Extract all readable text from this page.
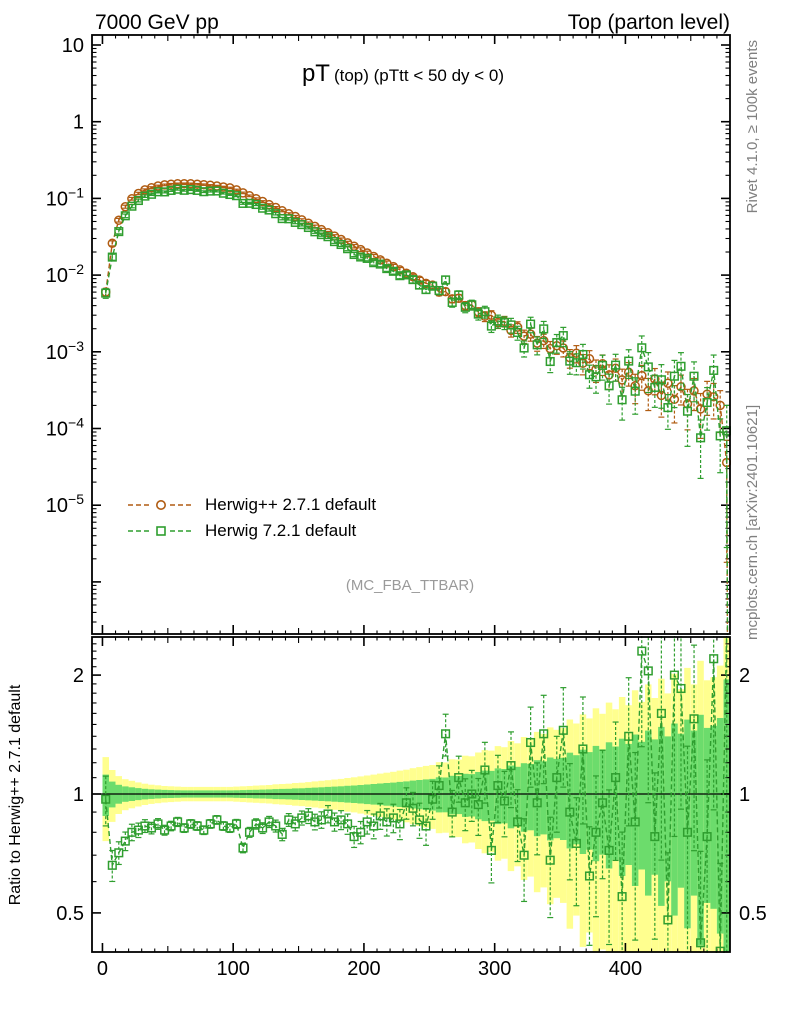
0	100	200	300	400
10
1
$10^{-1}$
$10^{-2}$
$10^{-3}$
$10^{-4}$
$10^{-5}$
0.5	0.5
1	1
2	2
Rivet 4.1.0, ≥ 100k events
mcplots.cern.ch [arXiv:2401.10621]
Ratio to Herwig++ 2.7.1 default
7000 GeV pp	Top (parton level)
pT (top) (pTtt < 50 dy < 0)
Herwig++ 2.7.1 default
Herwig 7.2.1 default
(MC_FBA_TTBAR)
